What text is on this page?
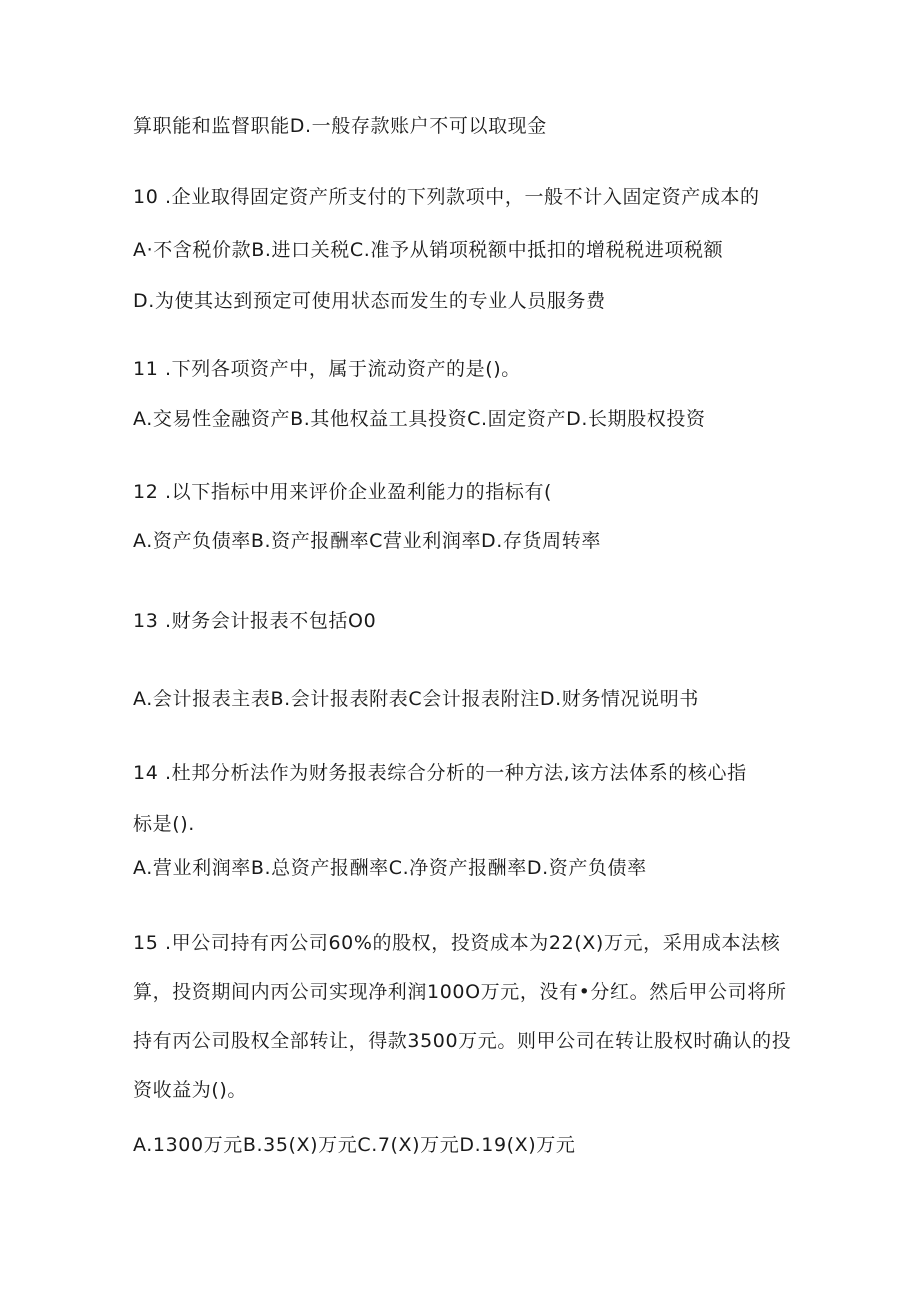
算职能和监督职能D.一般存款账户不可以取现金
10 .企业取得固定资产所支付的下列款项中，一般不计入固定资产成本的
A·不含税价款B.进口关税C.准予从销项税额中抵扣的增税税进项税额
D.为使其达到预定可使用状态而发生的专业人员服务费
11 .下列各项资产中，属于流动资产的是()。
A.交易性金融资产B.其他权益工具投资C.固定资产D.长期股权投资
12 .以下指标中用来评价企业盈利能力的指标有(
A.资产负债率B.资产报酬率C营业利润率D.存货周转率
13 .财务会计报表不包括O0
A.会计报表主表B.会计报表附表C会计报表附注D.财务情况说明书
14 .杜邦分析法作为财务报表综合分析的一种方法,该方法体系的核心指
标是().
A.营业利润率B.总资产报酬率C.净资产报酬率D.资产负债率
15 .甲公司持有丙公司60%的股权，投资成本为22(X)万元，采用成本法核
算，投资期间内丙公司实现净利润100O万元，没有•分红。然后甲公司将所
持有丙公司股权全部转让，得款3500万元。则甲公司在转让股权时确认的投
资收益为()。
A.1300万元B.35(X)万元C.7(X)万元D.19(X)万元
